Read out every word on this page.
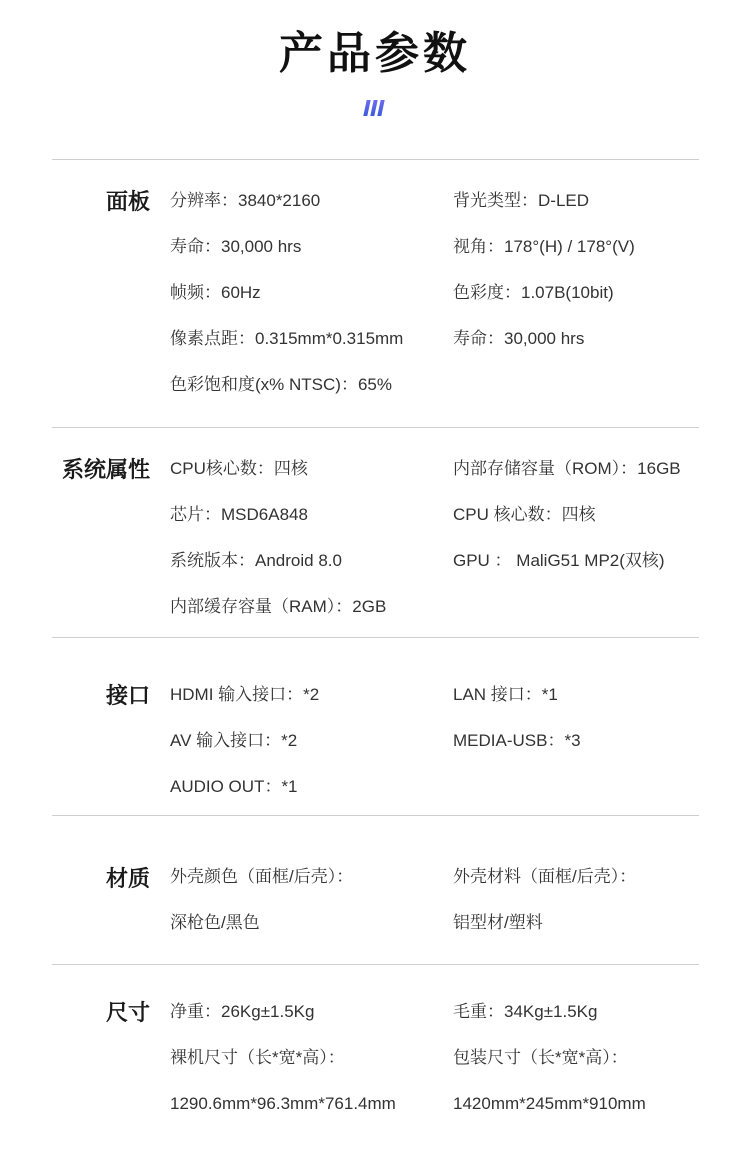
产品参数
面板 分辨率：3840*2160	背光类型：D-LED
寿命：30,000 hrs	视角：178°(H) / 178°(V)
帧频：60Hz	色彩度：1.07B(10bit)
像素点距：0.315mm*0.315mm	寿命：30,000 hrs
色彩饱和度(x% NTSC)：65%
系统属性 CPU核心数：四核	内部存储容量（ROM）：16GB
芯片：MSD6A848	CPU 核心数：四核
系统版本：Android 8.0	GPU ： MaliG51 MP2(双核)
内部缓存容量（RAM）：2GB
接口 HDMI 输入接口：*2	LAN 接口：*1
AV 输入接口：*2	MEDIA-USB：*3
AUDIO OUT：*1
材质 外壳颜色（面框/后壳）：	外壳材料（面框/后壳）：
深枪色/黑色	铝型材/塑料
尺寸 净重：26Kg±1.5Kg	毛重：34Kg±1.5Kg
裸机尺寸（长*宽*高）：	包装尺寸（长*宽*高）：
1290.6mm*96.3mm*761.4mm	1420mm*245mm*910mm
